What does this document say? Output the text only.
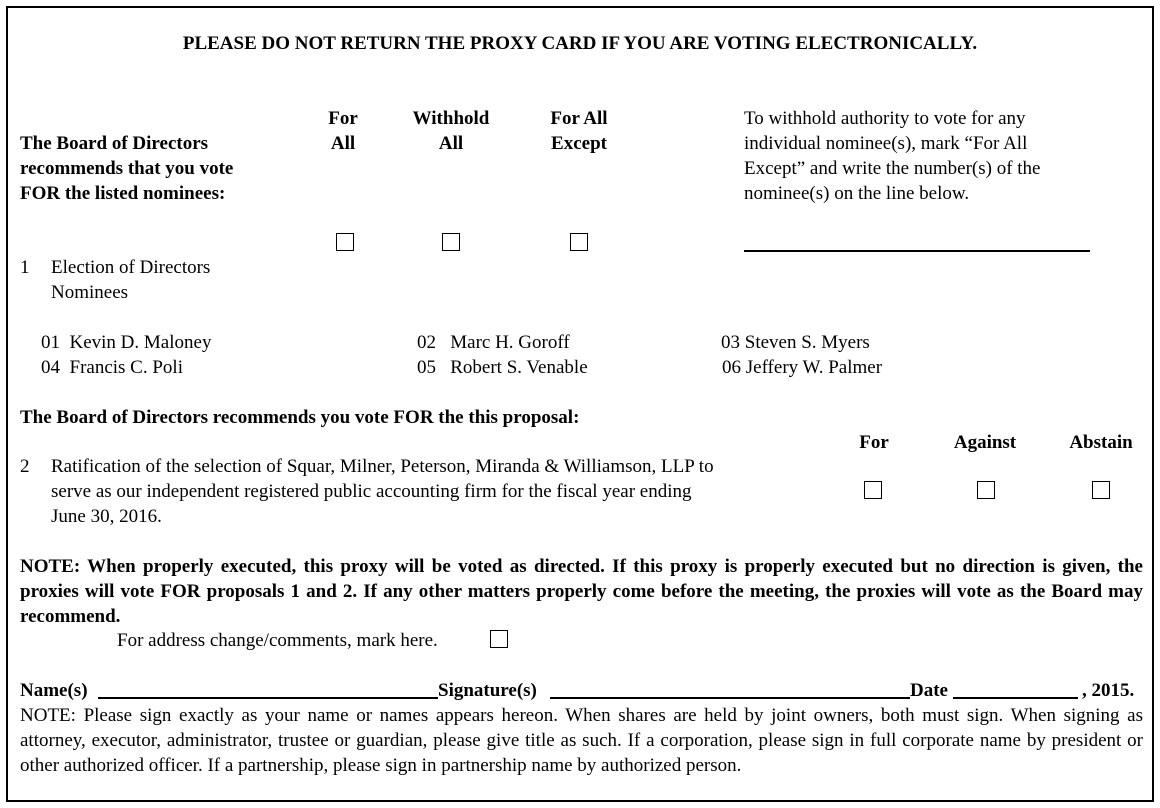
PLEASE DO NOT RETURN THE PROXY CARD IF YOU ARE VOTING ELECTRONICALLY.
The Board of Directors
recommends that you vote
FOR the listed nominees:
For
All
Withhold
All
For All
Except
To withhold authority to vote for any
individual nominee(s), mark “For All
Except” and write the number(s) of the
nominee(s) on the line below.
1 Election of Directors
Nominees
01 Kevin D. Maloney	02 Marc H. Goroff	03 Steven S. Myers
04 Francis C. Poli	05 Robert S. Venable	06 Jeffery W. Palmer
The Board of Directors recommends you vote FOR the this proposal:
For	Against	Abstain
2 Ratification of the selection of Squar, Milner, Peterson, Miranda & Williamson, LLP to
serve as our independent registered public accounting firm for the fiscal year ending
June 30, 2016.
NOTE: When properly executed, this proxy will be voted as directed. If this proxy is properly executed but no direction is given, the proxies will vote FOR proposals 1 and 2. If any other matters properly come before the meeting, the proxies will vote as the Board may recommend.
For address change/comments, mark here.
Name(s)	Signature(s)	Date	, 2015.
NOTE: Please sign exactly as your name or names appears hereon. When shares are held by joint owners, both must sign. When signing as attorney, executor, administrator, trustee or guardian, please give title as such. If a corporation, please sign in full corporate name by president or other authorized officer. If a partnership, please sign in partnership name by authorized person.
